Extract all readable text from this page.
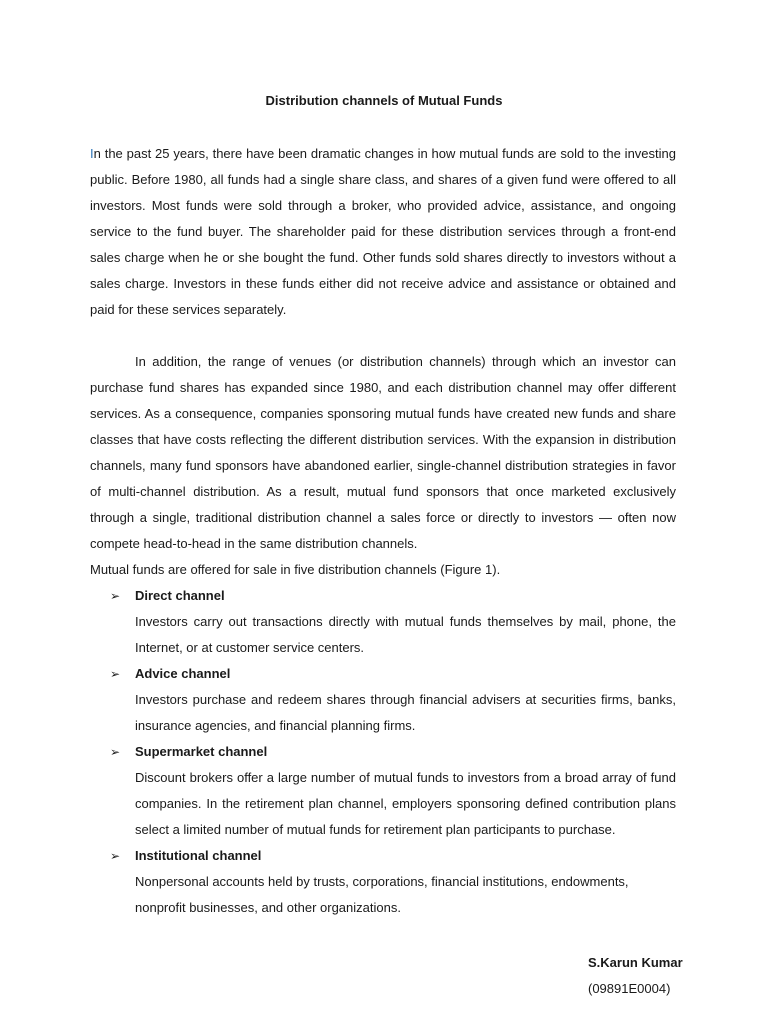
Distribution channels of Mutual Funds

In the past 25 years, there have been dramatic changes in how mutual funds are sold to the investing public. Before 1980, all funds had a single share class, and shares of a given fund were offered to all investors. Most funds were sold through a broker, who provided advice, assistance, and ongoing service to the fund buyer. The shareholder paid for these distribution services through a front-end sales charge when he or she bought the fund. Other funds sold shares directly to investors without a sales charge. Investors in these funds either did not receive advice and assistance or obtained and paid for these services separately.

In addition, the range of venues (or distribution channels) through which an investor can purchase fund shares has expanded since 1980, and each distribution channel may offer different services. As a consequence, companies sponsoring mutual funds have created new funds and share classes that have costs reflecting the different distribution services. With the expansion in distribution channels, many fund sponsors have abandoned earlier, single-channel distribution strategies in favor of multi-channel distribution. As a result, mutual fund sponsors that once marketed exclusively through a single, traditional distribution channel a sales force or directly to investors — often now compete head-to-head in the same distribution channels.

Mutual funds are offered for sale in five distribution channels (Figure 1).

➢ Direct channel

Investors carry out transactions directly with mutual funds themselves by mail, phone, the Internet, or at customer service centers.

➢ Advice channel

Investors purchase and redeem shares through financial advisers at securities firms, banks, insurance agencies, and financial planning firms.

➢ Supermarket channel

Discount brokers offer a large number of mutual funds to investors from a broad array of fund companies. In the retirement plan channel, employers sponsoring defined contribution plans select a limited number of mutual funds for retirement plan participants to purchase.

➢ Institutional channel

Nonpersonal accounts held by trusts, corporations, financial institutions, endowments, nonprofit businesses, and other organizations.

S.Karun Kumar
(09891E0004)
